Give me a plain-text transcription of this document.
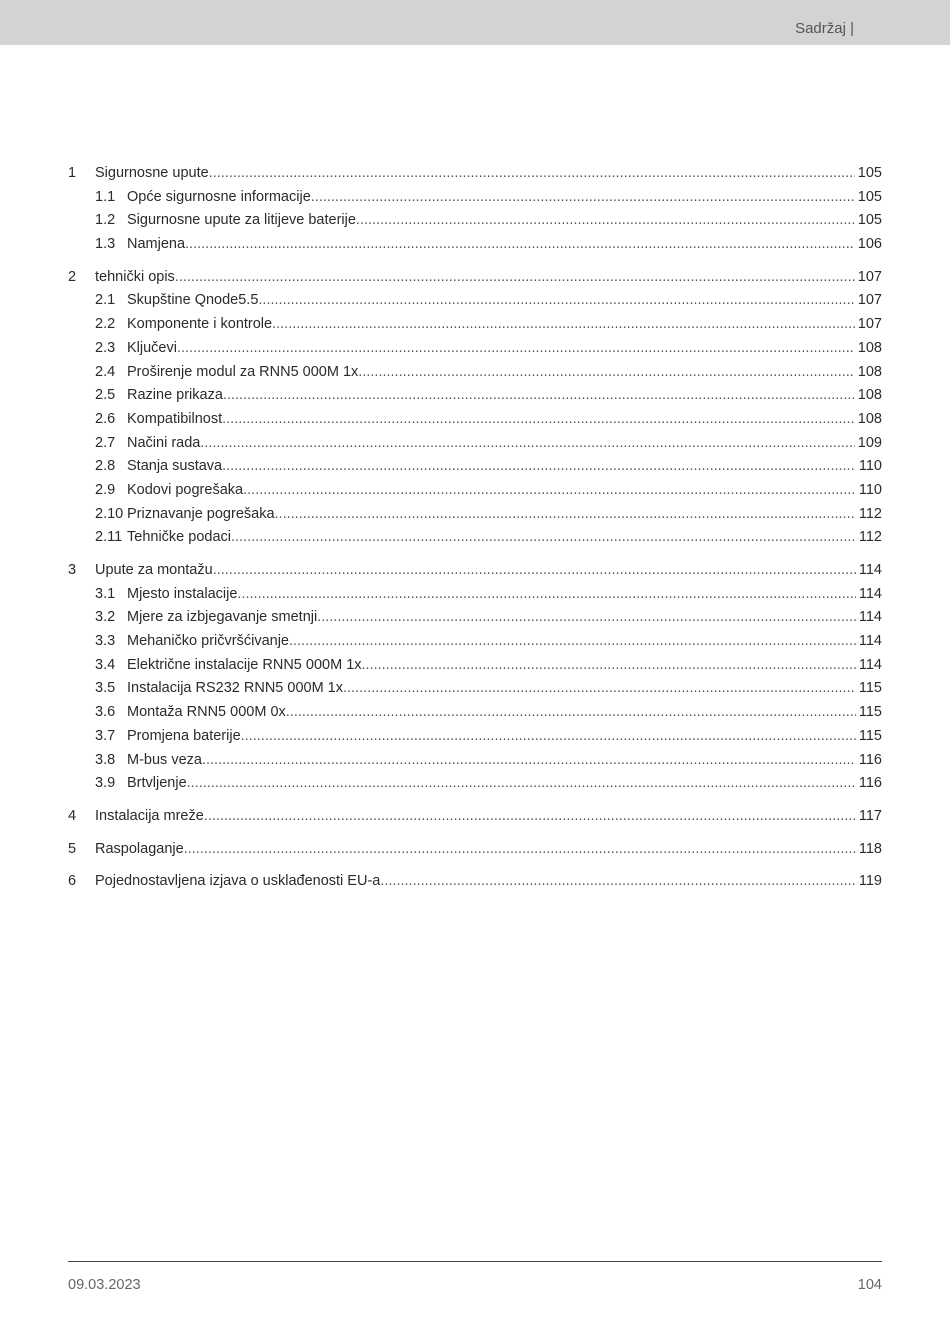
Sadržaj |
1	Sigurnosne upute .....	105
1.1 Opće sigurnosne informacije .....	105
1.2 Sigurnosne upute za litijeve baterije .....	105
1.3 Namjena .....	106
2	tehnički opis .....	107
2.1 Skupštine Qnode5.5 .....	107
2.2 Komponente i kontrole .....	107
2.3 Ključevi .....	108
2.4 Proširenje modul za RNN5 000M 1x .....	108
2.5 Razine prikaza .....	108
2.6 Kompatibilnost .....	108
2.7 Načini rada .....	109
2.8 Stanja sustava .....	110
2.9 Kodovi pogrešaka .....	110
2.10 Priznavanje pogrešaka .....	112
2.11 Tehničke podaci .....	112
3	Upute za montažu .....	114
3.1 Mjesto instalacije .....	114
3.2 Mjere za izbjegavanje smetnji .....	114
3.3 Mehaničko pričvršćivanje .....	114
3.4 Električne instalacije RNN5 000M 1x .....	114
3.5 Instalacija RS232 RNN5 000M 1x .....	115
3.6 Montaža RNN5 000M 0x .....	115
3.7 Promjena baterije .....	115
3.8 M-bus veza .....	116
3.9 Brtvljenje .....	116
4	Instalacija mreže .....	117
5	Raspolaganje .....	118
6	Pojednostavljena izjava o usklađenosti EU-a .....	119
09.03.2023	104
